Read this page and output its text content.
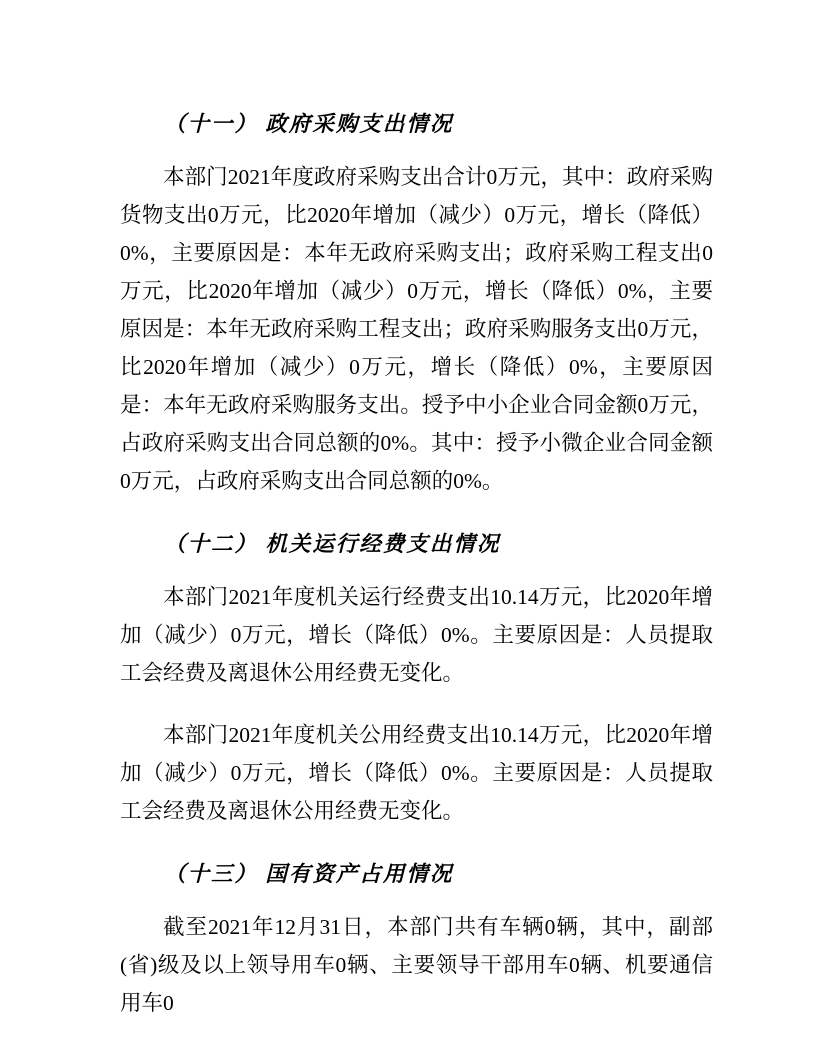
（十一） 政府采购支出情况

本部门2021年度政府采购支出合计0万元，其中：政府采购货物支出0万元，比2020年增加（减少）0万元，增长（降低）0%，主要原因是：本年无政府采购支出；政府采购工程支出0万元，比2020年增加（减少）0万元，增长（降低）0%，主要原因是：本年无政府采购工程支出；政府采购服务支出0万元，比2020年增加（减少）0万元，增长（降低）0%，主要原因是：本年无政府采购服务支出。授予中小企业合同金额0万元，占政府采购支出合同总额的0%。其中：授予小微企业合同金额0万元，占政府采购支出合同总额的0%。

（十二） 机关运行经费支出情况

本部门2021年度机关运行经费支出10.14万元，比2020年增加（减少）0万元，增长（降低）0%。主要原因是：人员提取工会经费及离退休公用经费无变化。

本部门2021年度机关公用经费支出10.14万元，比2020年增加（减少）0万元，增长（降低）0%。主要原因是：人员提取工会经费及离退休公用经费无变化。

（十三） 国有资产占用情况

截至2021年12月31日，本部门共有车辆0辆，其中，副部(省)级及以上领导用车0辆、主要领导干部用车0辆、机要通信用车0
